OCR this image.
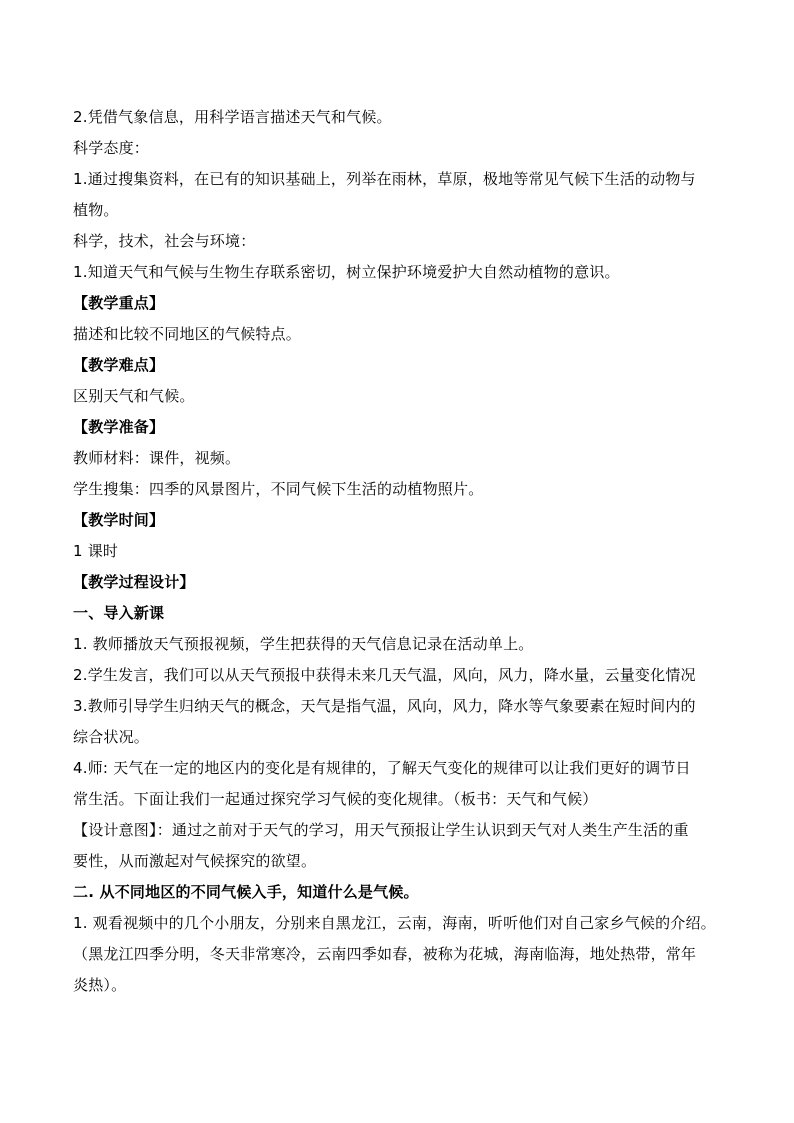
2.凭借气象信息，用科学语言描述天气和气候。
科学态度：
1.通过搜集资料，在已有的知识基础上，列举在雨林，草原，极地等常见气候下生活的动物与
植物。
科学，技术，社会与环境：
1.知道天气和气候与生物生存联系密切，树立保护环境爱护大自然动植物的意识。
【教学重点】
描述和比较不同地区的气候特点。
【教学难点】
区别天气和气候。
【教学准备】
教师材料：课件，视频。
学生搜集：四季的风景图片，不同气候下生活的动植物照片。
【教学时间】
1 课时
【教学过程设计】
一、导入新课
1. 教师播放天气预报视频，学生把获得的天气信息记录在活动单上。
2.学生发言，我们可以从天气预报中获得未来几天气温，风向，风力，降水量，云量变化情况
3.教师引导学生归纳天气的概念，天气是指气温，风向，风力，降水等气象要素在短时间内的
综合状况。
4.师: 天气在一定的地区内的变化是有规律的，了解天气变化的规律可以让我们更好的调节日
常生活。下面让我们一起通过探究学习气候的变化规律。（板书：天气和气候）
【设计意图】：通过之前对于天气的学习，用天气预报让学生认识到天气对人类生产生活的重
要性，从而激起对气候探究的欲望。
二. 从不同地区的不同气候入手，知道什么是气候。
1. 观看视频中的几个小朋友，分别来自黑龙江，云南，海南，听听他们对自己家乡气候的介绍。
（黑龙江四季分明，冬天非常寒冷，云南四季如春，被称为花城，海南临海，地处热带，常年
炎热）。
